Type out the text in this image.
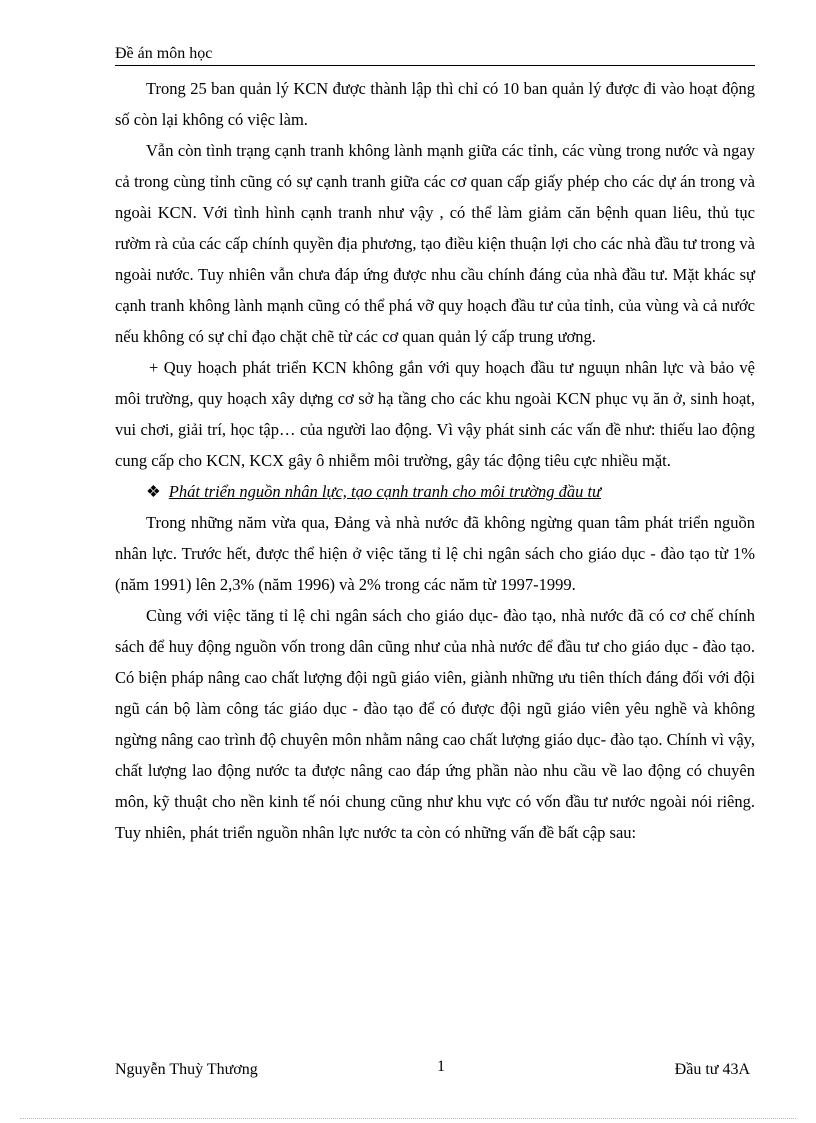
Đề án môn học

Trong 25 ban quản lý KCN được thành lập thì chỉ có 10 ban quản lý được đi vào hoạt động số còn lại không có việc làm.

Vẫn còn tình trạng cạnh tranh không lành mạnh giữa các tỉnh, các vùng trong nước và ngay cả trong cùng tỉnh cũng có sự cạnh tranh giữa các cơ quan cấp giấy phép cho các dự án trong và ngoài KCN. Với tình hình cạnh tranh như vậy , có thể làm giảm căn bệnh quan liêu, thủ tục rườm rà của các cấp chính quyền địa phương, tạo điều kiện thuận lợi cho các nhà đầu tư trong và ngoài nước. Tuy nhiên vẫn chưa đáp ứng được nhu cầu chính đáng của nhà đầu tư. Mặt khác sự cạnh tranh không lành mạnh cũng có thể phá vỡ quy hoạch đầu tư của tỉnh, của vùng và cả nước nếu không có sự chỉ đạo chặt chẽ từ các cơ quan quản lý cấp trung ương.

+ Quy hoạch phát triển KCN không gắn với quy hoạch đầu tư nguụn nhân lực và bảo vệ môi trường, quy hoạch xây dựng cơ sở hạ tầng cho các khu ngoài KCN phục vụ ăn ở, sinh hoạt, vui chơi, giải trí, học tập… của người lao động. Vì vậy phát sinh các vấn đề như: thiếu lao động cung cấp cho KCN, KCX gây ô nhiễm môi trường, gây tác động tiêu cực nhiều mặt.

❖ Phát triển nguồn nhân lực, tạo cạnh tranh cho môi trường đầu tư

Trong những năm vừa qua, Đảng và nhà nước đã không ngừng quan tâm phát triển nguồn nhân lực. Trước hết, được thể hiện ở việc tăng tỉ lệ chi ngân sách cho giáo dục - đào tạo từ 1% (năm 1991) lên 2,3% (năm 1996) và 2% trong các năm từ 1997-1999.

Cùng với việc tăng tỉ lệ chi ngân sách cho giáo dục- đào tạo, nhà nước đã có cơ chế chính sách để huy động nguồn vốn trong dân cũng như của nhà nước để đầu tư cho giáo dục - đào tạo. Có biện pháp nâng cao chất lượng đội ngũ giáo viên, giành những ưu tiên thích đáng đối với đội ngũ cán bộ làm công tác giáo dục - đào tạo để có được đội ngũ giáo viên yêu nghề và không ngừng nâng cao trình độ chuyên môn nhằm nâng cao chất lượng giáo dục- đào tạo. Chính vì vậy, chất lượng lao động nước ta được nâng cao đáp ứng phần nào nhu cầu về lao động có chuyên môn, kỹ thuật cho nền kinh tế nói chung cũng như khu vực có vốn đầu tư nước ngoài nói riêng. Tuy nhiên, phát triển nguồn nhân lực nước ta còn có những vấn đề bất cập sau:

Nguyễn Thuỳ Thương	1	Đầu tư 43A
